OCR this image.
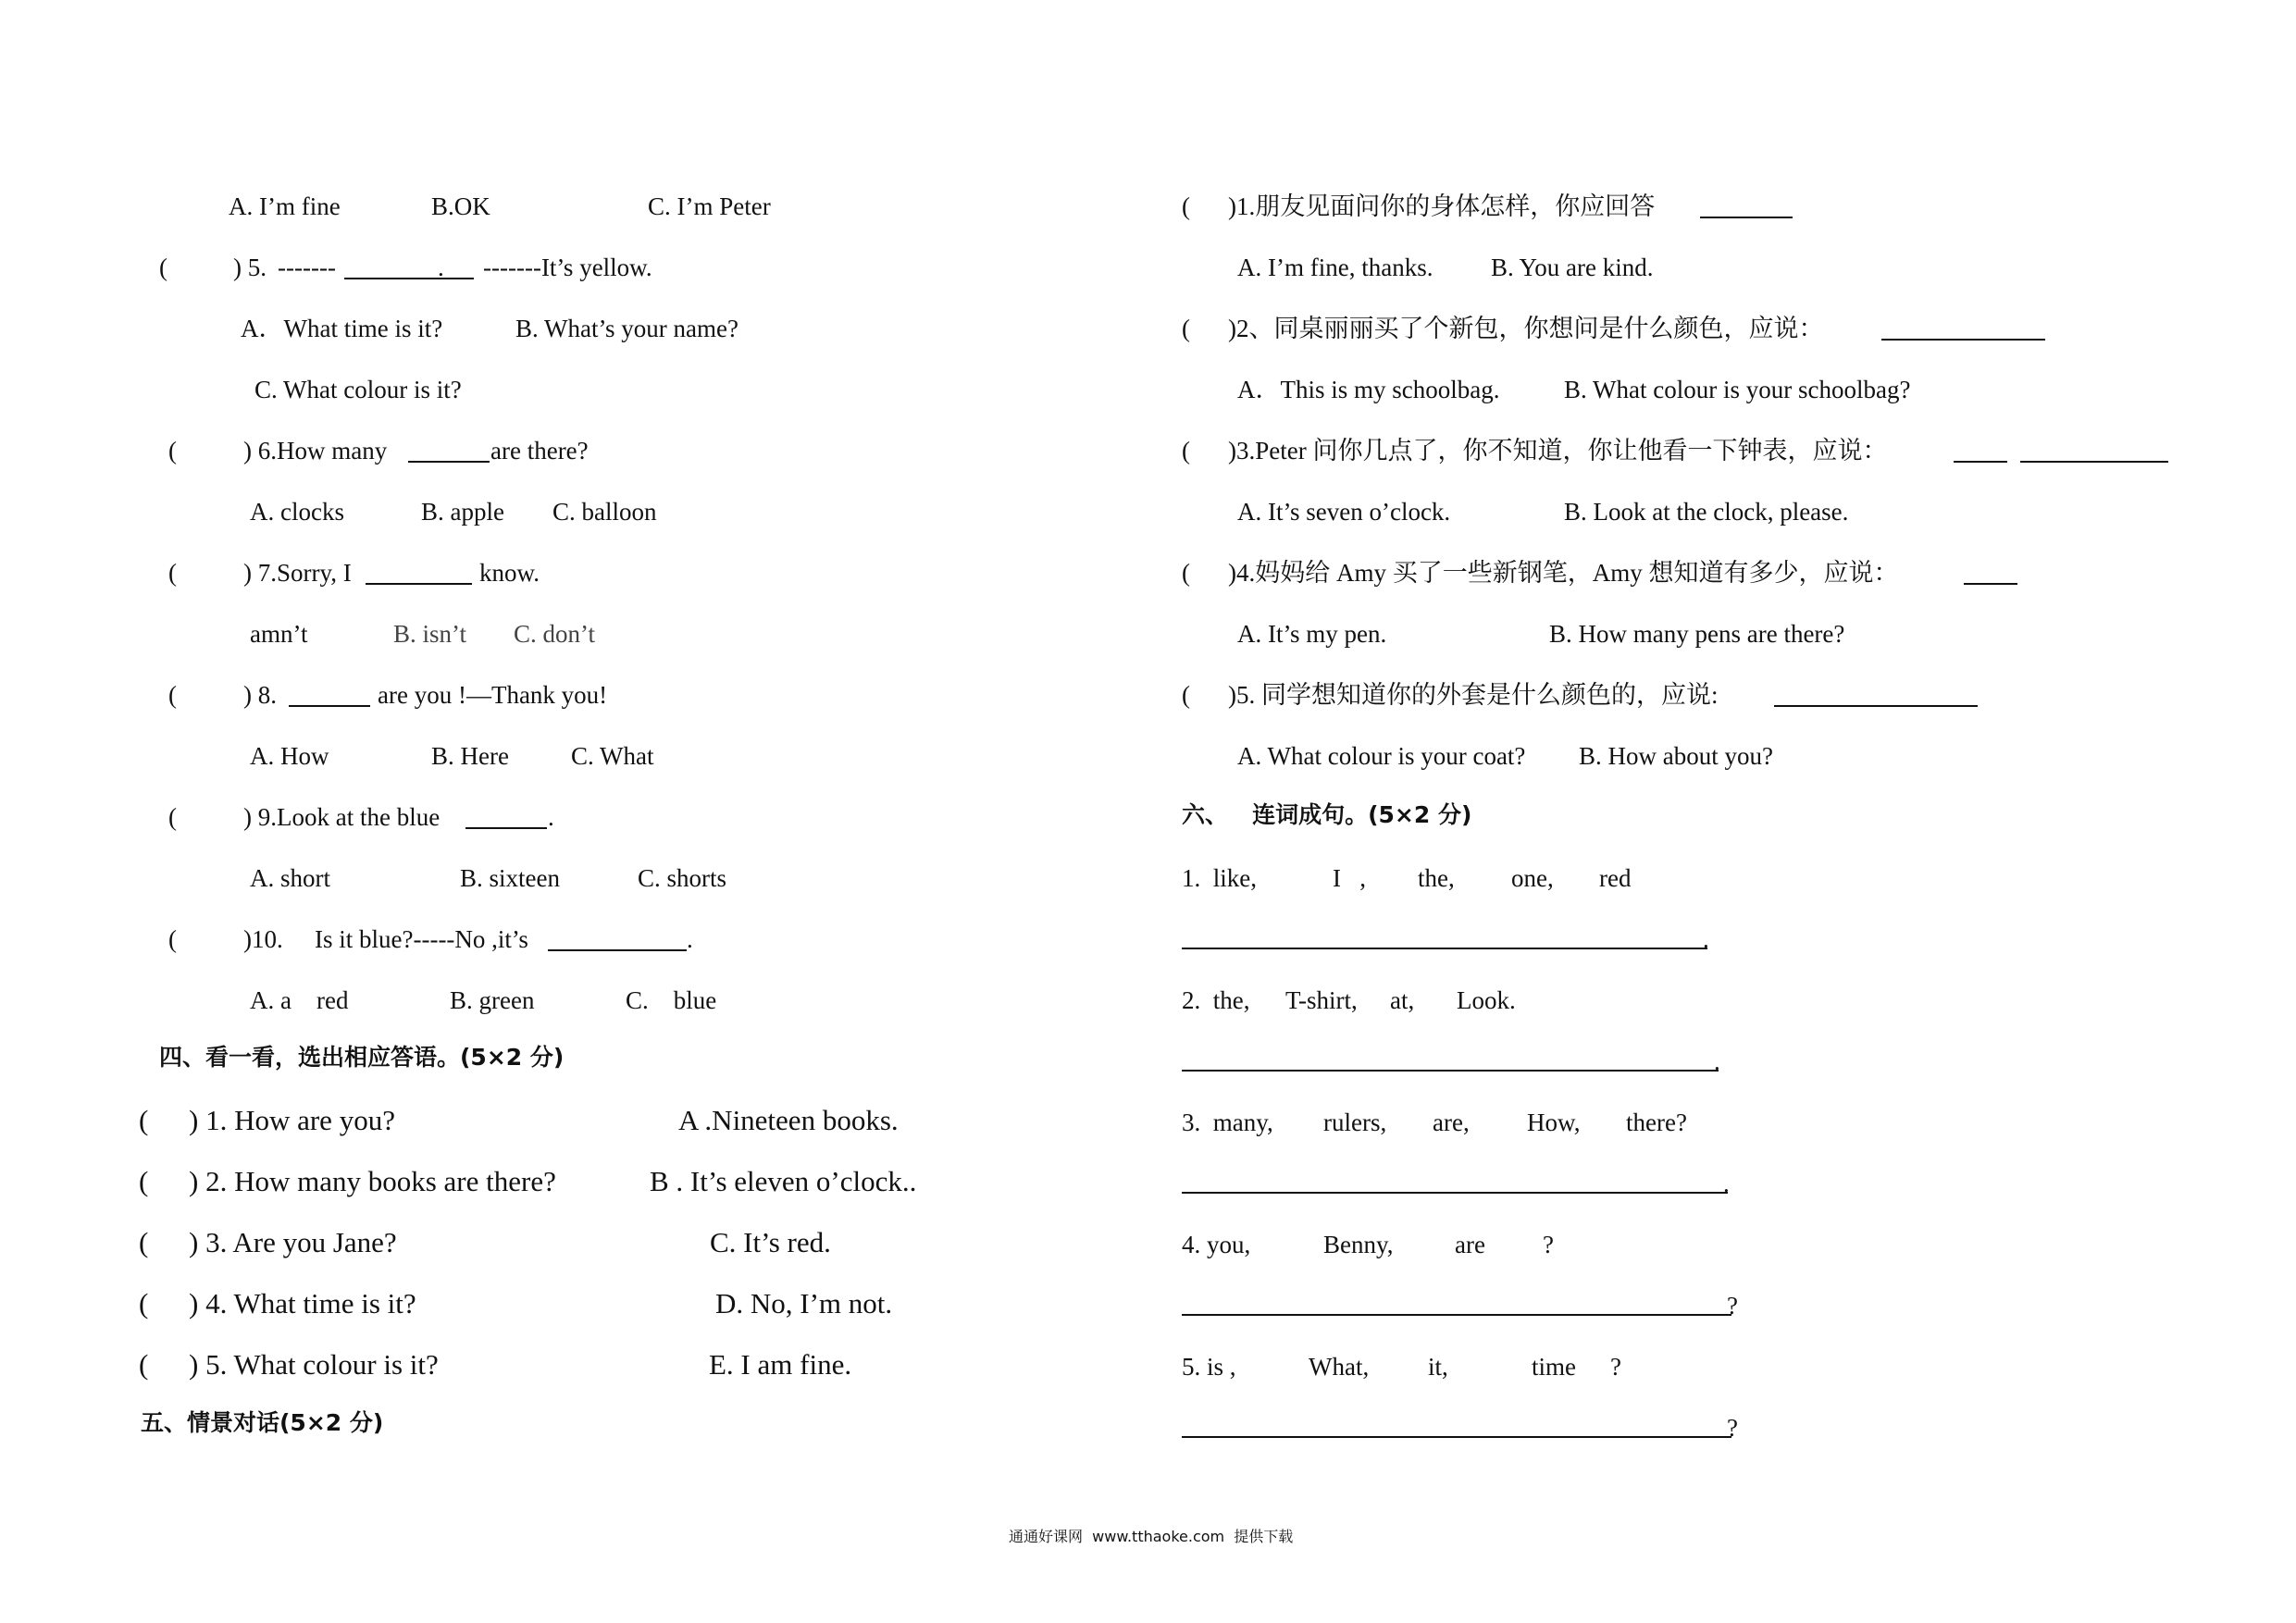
A. I’m fine	B.OK	C. I’m Peter
(	) 5. -------	. -------It’s yellow.
A．What time is it?	B. What’s your name?
C. What colour is it?
(	) 6.How many	are there?
A. clocks	B. apple C. balloon
(	) 7.Sorry, I	know.
amn’t	B. isn’t C. don’t
(	) 8.	are you !—Thank you!
A. How	B. Here C. What
(	) 9.Look at the blue	.
A. short	B. sixteen	C. shorts
(	)10. Is it blue?-----No ,it’s	.
A. a    red	B. green	C.    blue
四、看一看，选出相应答语。(5×2 分)
( ) 1. How are you?	A .Nineteen books.
( ) 2. How many books are there?	B . It’s eleven o’clock..
( ) 3. Are you Jane?	C. It’s red.
( ) 4. What time is it?	D. No, I’m not.
( ) 5. What colour is it?	E. I am fine.
五、情景对话(5×2 分)
( )1.朋友见面问你的身体怎样，你应回答
A. I’m fine, thanks. B. You are kind.
( )2、同桌丽丽买了个新包，你想问是什么颜色，应说：
A．This is my schoolbag.	B. What colour is your schoolbag?
( )3.Peter 问你几点了，你不知道，你让他看一下钟表，应说：
A. It’s seven o’clock.	B. Look at the clock, please.
( )4.妈妈给 Amy 买了一些新钢笔，Amy 想知道有多少，应说：
A. It’s my pen.	B. How many pens are there?
( )5. 同学想知道你的外套是什么颜色的，应说:
A. What colour is your coat? B. How about you?
六、   连词成句。(5×2 分)
1.  like,	I   , the, one, red
.
2.  the, T-shirt, at, Look.
.
3.  many, rulers, are, How, there?
.
4. you,	Benny, are ?
?
5. is ,	What, it,	time ?
?
通通好课网  www.tthaoke.com  提供下载
